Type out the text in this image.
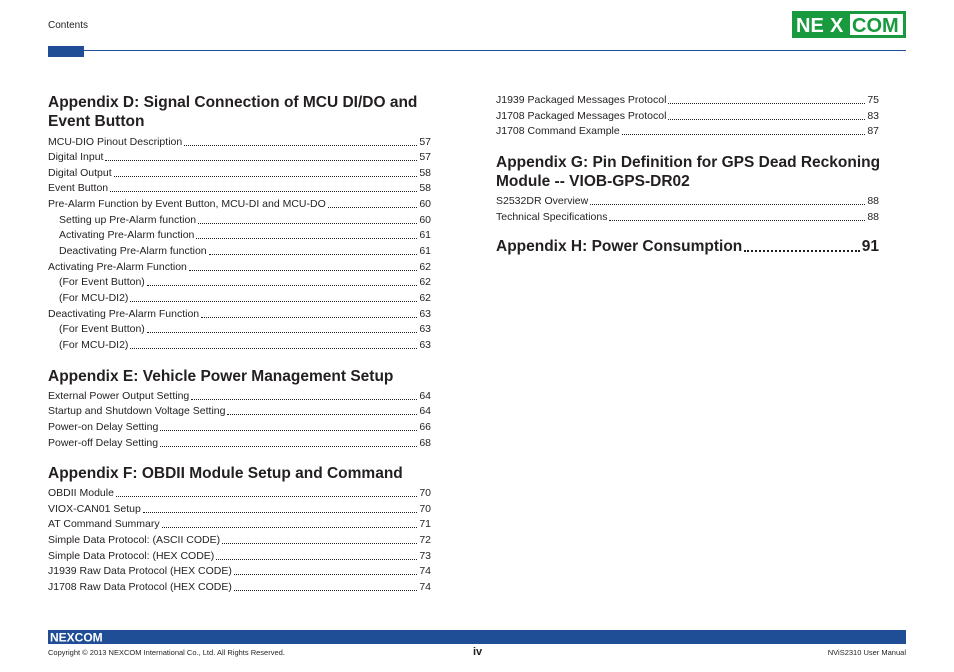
Contents	NE X COM
Appendix D: Signal Connection of MCU DI/DO and
Event Button
MCU-DIO Pinout Description	57
Digital Input	57
Digital Output	58
Event Button	58
Pre-Alarm Function by Event Button, MCU-DI and MCU-DO	60
Setting up Pre-Alarm function	60
Activating Pre-Alarm function	61
Deactivating Pre-Alarm function	61
Activating Pre-Alarm Function	62
(For Event Button)	62
(For MCU-DI2)	62
Deactivating Pre-Alarm Function	63
(For Event Button)	63
(For MCU-DI2)	63
Appendix E: Vehicle Power Management Setup
External Power Output Setting	64
Startup and Shutdown Voltage Setting	64
Power-on Delay Setting	66
Power-off Delay Setting	68
Appendix F: OBDII Module Setup and Command
OBDII Module	70
VIOX-CAN01 Setup	70
AT Command Summary	71
Simple Data Protocol: (ASCII CODE)	72
Simple Data Protocol: (HEX CODE)	73
J1939 Raw Data Protocol (HEX CODE)	74
J1708 Raw Data Protocol (HEX CODE)	74
J1939 Packaged Messages Protocol	75
J1708 Packaged Messages Protocol	83
J1708 Command Example	87
Appendix G: Pin Definition for GPS Dead Reckoning
Module -- VIOB-GPS-DR02
S2532DR Overview	88
Technical Specifications	88
Appendix H: Power Consumption	91
NEXCOM
Copyright © 2013 NEXCOM International Co., Ltd. All Rights Reserved.	iv	NViS2310 User Manual
